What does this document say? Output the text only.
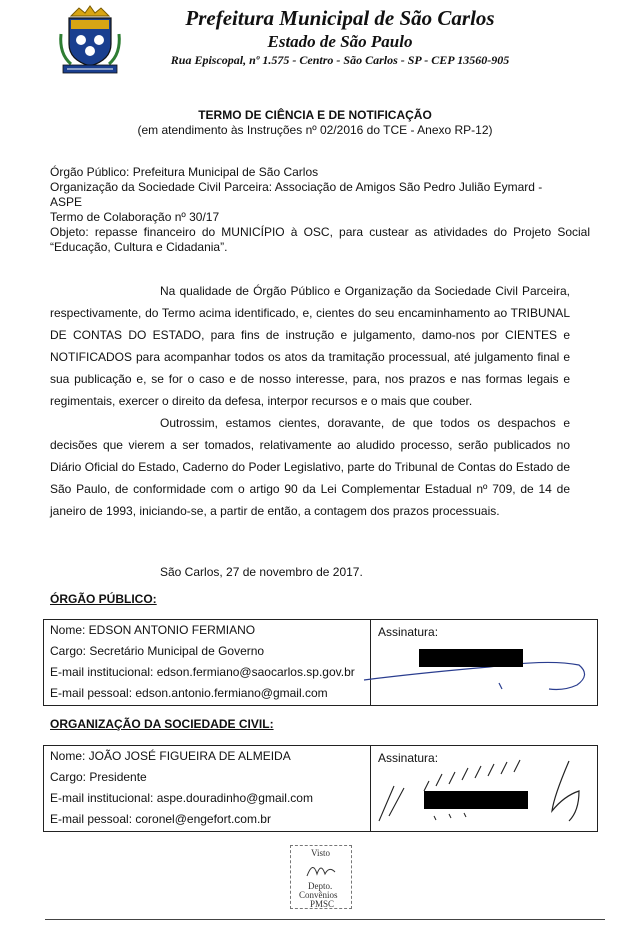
Prefeitura Municipal de São Carlos
Estado de São Paulo
Rua Episcopal, nº 1.575 - Centro - São Carlos - SP - CEP 13560-905
TERMO DE CIÊNCIA E DE NOTIFICAÇÃO
(em atendimento às Instruções nº 02/2016 do TCE - Anexo RP-12)
Órgão Público: Prefeitura Municipal de São Carlos
Organização da Sociedade Civil Parceira: Associação de Amigos São Pedro Julião Eymard -
ASPE
Termo de Colaboração nº 30/17
Objeto: repasse financeiro do MUNICÍPIO à OSC, para custear as atividades do Projeto Social “Educação, Cultura e Cidadania”.

Na qualidade de Órgão Público e Organização da Sociedade Civil Parceira, respectivamente, do Termo acima identificado, e, cientes do seu encaminhamento ao TRIBUNAL DE CONTAS DO ESTADO, para fins de instrução e julgamento, damo-nos por CIENTES e NOTIFICADOS para acompanhar todos os atos da tramitação processual, até julgamento final e sua publicação e, se for o caso e de nosso interesse, para, nos prazos e nas formas legais e regimentais, exercer o direito da defesa, interpor recursos e o mais que couber.

Outrossim, estamos cientes, doravante, de que todos os despachos e decisões que vierem a ser tomados, relativamente ao aludido processo, serão publicados no Diário Oficial do Estado, Caderno do Poder Legislativo, parte do Tribunal de Contas do Estado de São Paulo, de conformidade com o artigo 90 da Lei Complementar Estadual nº 709, de 14 de janeiro de 1993, iniciando-se, a partir de então, a contagem dos prazos processuais.

São Carlos, 27 de novembro de 2017.
ÓRGÃO PÚBLICO:
Nome: EDSON ANTONIO FERMIANO
Cargo: Secretário Municipal de Governo
E-mail institucional: edson.fermiano@saocarlos.sp.gov.br
E-mail pessoal: edson.antonio.fermiano@gmail.com
Assinatura:
ORGANIZAÇÃO DA SOCIEDADE CIVIL:
Nome: JOÃO JOSÉ FIGUEIRA DE ALMEIDA
Cargo: Presidente
E-mail institucional: aspe.douradinho@gmail.com
E-mail pessoal: coronel@engefort.com.br
Assinatura:
Visto
Depto.
Convênios
PMSC
